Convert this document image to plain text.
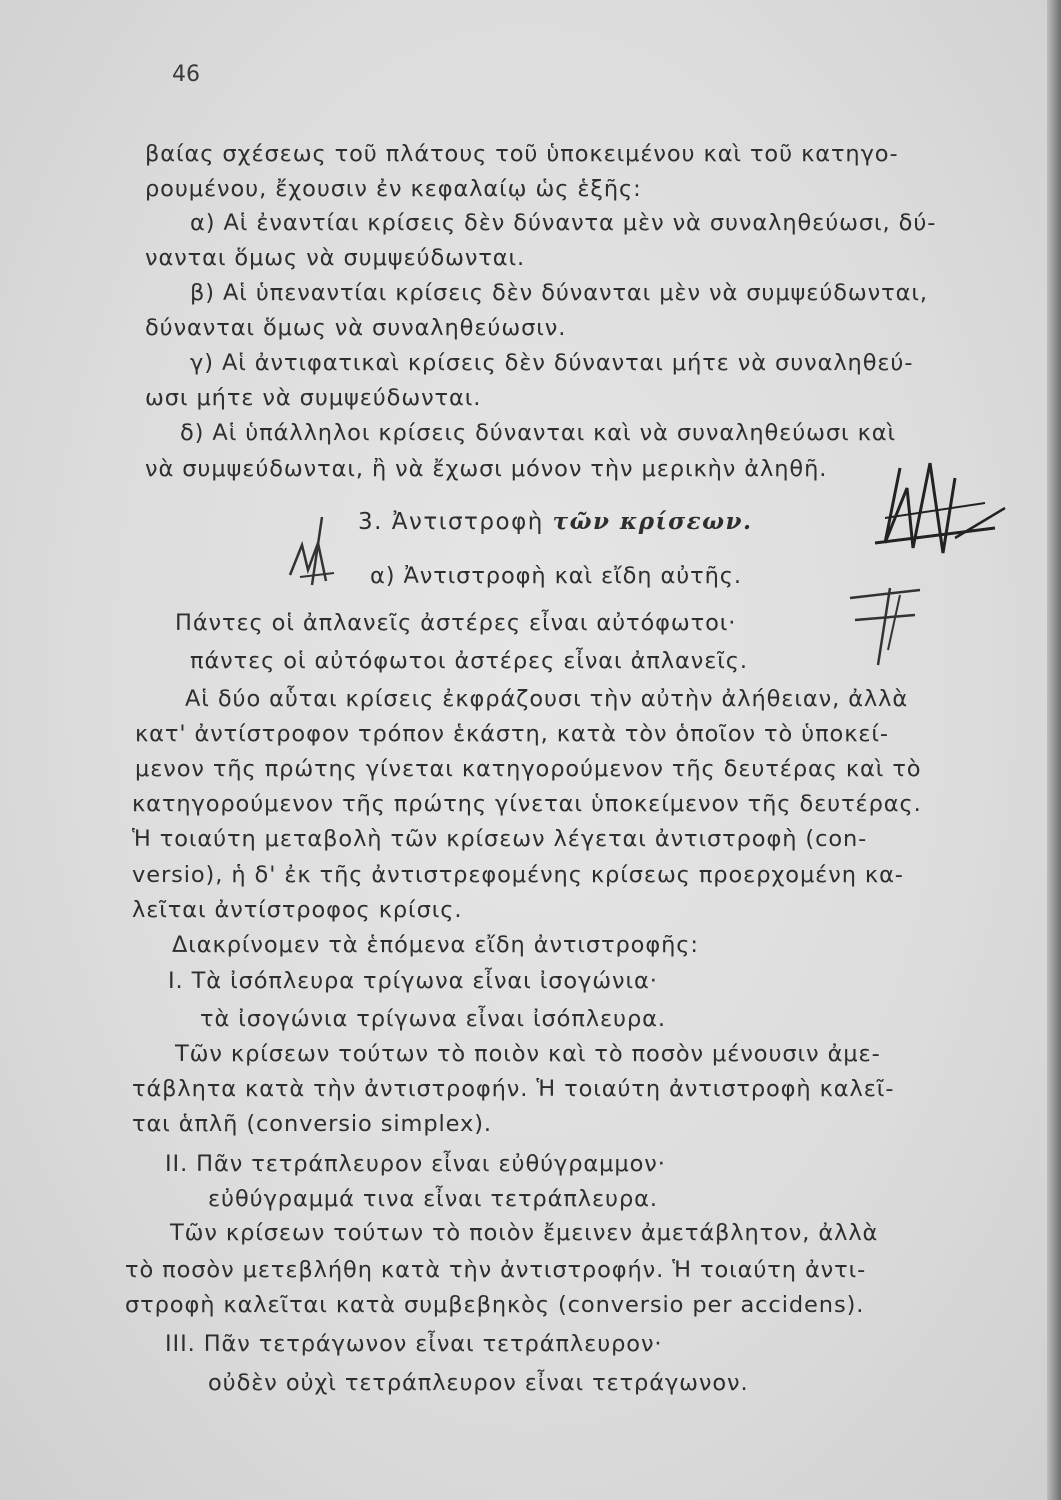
46
βαίας σχέσεως τοῦ πλάτους τοῦ ὑποκειμένου καὶ τοῦ κατηγο-
ρουμένου, ἔχουσιν ἐν κεφαλαίῳ ὡς ἑξῆς:
α) Αἱ ἐναντίαι κρίσεις δὲν δύναντα μὲν νὰ συναληθεύωσι, δύ-
νανται ὅμως νὰ συμψεύδωνται.
β) Αἱ ὑπεναντίαι κρίσεις δὲν δύνανται μὲν νὰ συμψεύδωνται,
δύνανται ὅμως νὰ συναληθεύωσιν.
γ) Αἱ ἀντιφατικαὶ κρίσεις δὲν δύνανται μήτε νὰ συναληθεύ-
ωσι μήτε νὰ συμψεύδωνται.
δ) Αἱ ὑπάλληλοι κρίσεις δύνανται καὶ νὰ συναληθεύωσι καὶ
νὰ συμψεύδωνται, ἢ νὰ ἔχωσι μόνον τὴν μερικὴν ἀληθῆ.
3. Ἀντιστροφὴ τῶν κρίσεων.
α) Ἀντιστροφὴ καὶ εἴδη αὐτῆς.
Πάντες οἱ ἀπλανεῖς ἀστέρες εἶναι αὐτόφωτοι·
πάντες οἱ αὐτόφωτοι ἀστέρες εἶναι ἀπλανεῖς.
Αἱ δύο αὗται κρίσεις ἐκφράζουσι τὴν αὐτὴν ἀλήθειαν, ἀλλὰ
κατ' ἀντίστροφον τρόπον ἑκάστη, κατὰ τὸν ὁποῖον τὸ ὑποκεί-
μενον τῆς πρώτης γίνεται κατηγορούμενον τῆς δευτέρας καὶ τὸ
κατηγορούμενον τῆς πρώτης γίνεται ὑποκείμενον τῆς δευτέρας.
Ἡ τοιαύτη μεταβολὴ τῶν κρίσεων λέγεται ἀντιστροφὴ (con-
versio), ἡ δ' ἐκ τῆς ἀντιστρεφομένης κρίσεως προερχομένη κα-
λεῖται ἀντίστροφος κρίσις.
Διακρίνομεν τὰ ἑπόμενα εἴδη ἀντιστροφῆς:
I. Τὰ ἰσόπλευρα τρίγωνα εἶναι ἰσογώνια·
τὰ ἰσογώνια τρίγωνα εἶναι ἰσόπλευρα.
Τῶν κρίσεων τούτων τὸ ποιὸν καὶ τὸ ποσὸν μένουσιν ἀμε-
τάβλητα κατὰ τὴν ἀντιστροφήν. Ἡ τοιαύτη ἀντιστροφὴ καλεῖ-
ται ἁπλῆ (conversio simplex).
II. Πᾶν τετράπλευρον εἶναι εὐθύγραμμον·
εὐθύγραμμά τινα εἶναι τετράπλευρα.
Τῶν κρίσεων τούτων τὸ ποιὸν ἔμεινεν ἀμετάβλητον, ἀλλὰ
τὸ ποσὸν μετεβλήθη κατὰ τὴν ἀντιστροφήν. Ἡ τοιαύτη ἀντι-
στροφὴ καλεῖται κατὰ συμβεβηκὸς (conversio per accidens).
III. Πᾶν τετράγωνον εἶναι τετράπλευρον·
οὐδὲν οὐχὶ τετράπλευρον εἶναι τετράγωνον.
